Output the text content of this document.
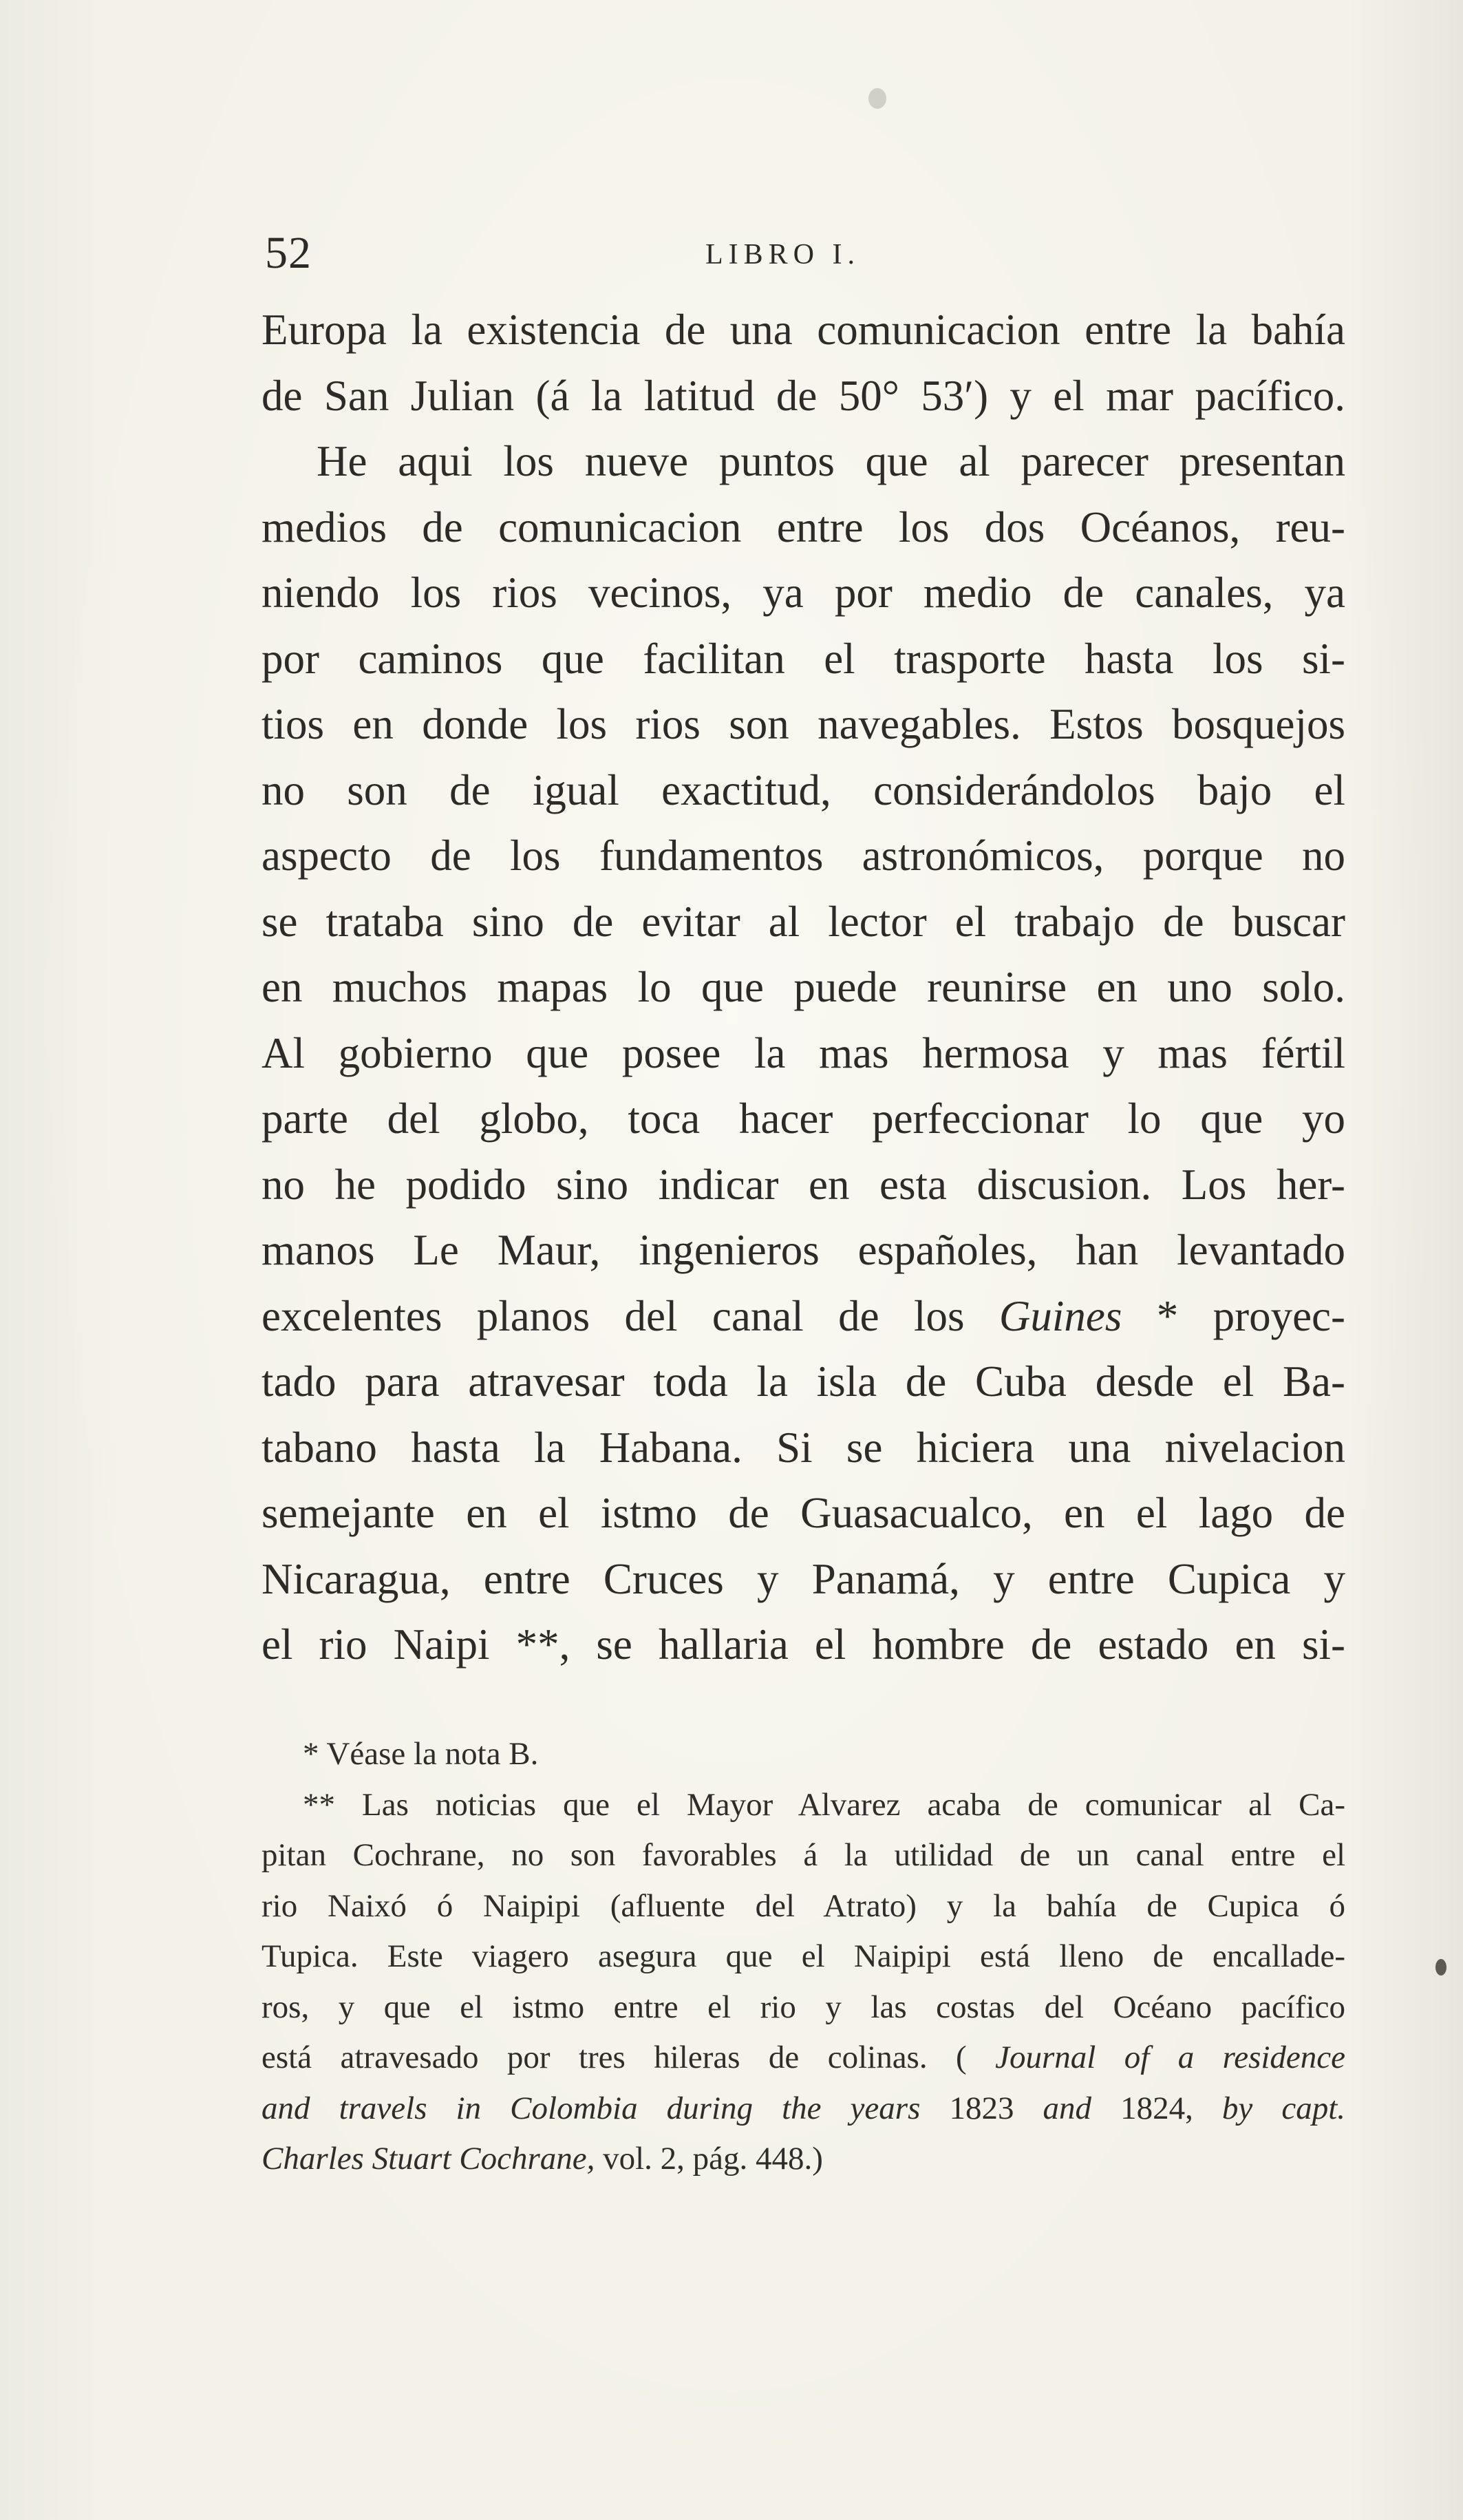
52	LIBRO I.
Europa la existencia de una comunicacion entre la bahía
de San Julian (á la latitud de 50° 53′) y el mar pacífico.
He aqui los nueve puntos que al parecer presentan
medios de comunicacion entre los dos Océanos, reu-
niendo los rios vecinos, ya por medio de canales, ya
por caminos que facilitan el trasporte hasta los si-
tios en donde los rios son navegables. Estos bosquejos
no son de igual exactitud, considerándolos bajo el
aspecto de los fundamentos astronómicos, porque no
se trataba sino de evitar al lector el trabajo de buscar
en muchos mapas lo que puede reunirse en uno solo.
Al gobierno que posee la mas hermosa y mas fértil
parte del globo, toca hacer perfeccionar lo que yo
no he podido sino indicar en esta discusion. Los her-
manos Le Maur, ingenieros españoles, han levantado
excelentes planos del canal de los Guines * proyec-
tado para atravesar toda la isla de Cuba desde el Ba-
tabano hasta la Habana. Si se hiciera una nivelacion
semejante en el istmo de Guasacualco, en el lago de
Nicaragua, entre Cruces y Panamá, y entre Cupica y
el rio Naipi **, se hallaria el hombre de estado en si-
* Véase la nota B.
** Las noticias que el Mayor Alvarez acaba de comunicar al Ca-
pitan Cochrane, no son favorables á la utilidad de un canal entre el
rio Naixó ó Naipipi (afluente del Atrato) y la bahía de Cupica ó
Tupica. Este viagero asegura que el Naipipi está lleno de encallade-
ros, y que el istmo entre el rio y las costas del Océano pacífico
está atravesado por tres hileras de colinas. ( Journal of a residence
and travels in Colombia during the years 1823 and 1824, by capt.
Charles Stuart Cochrane, vol. 2, pág. 448.)
